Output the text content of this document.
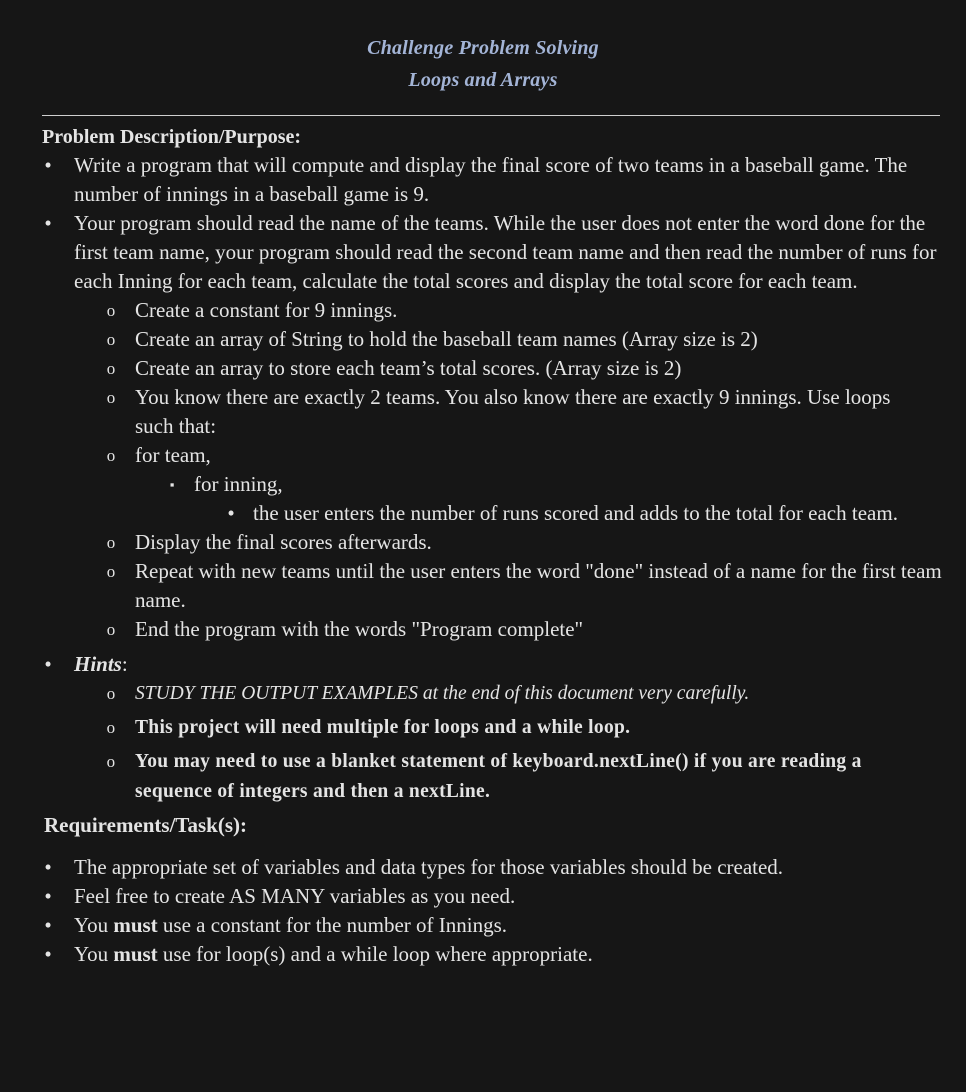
Challenge Problem Solving
Loops and Arrays
Problem Description/Purpose:
• Write a program that will compute and display the final score of two teams in a baseball game. The number of innings in a baseball game is 9.
• Your program should read the name of the teams. While the user does not enter the word done for the first team name, your program should read the second team name and then read the number of runs for each Inning for each team, calculate the total scores and display the total score for each team.
o Create a constant for 9 innings.
o Create an array of String to hold the baseball team names (Array size is 2)
o Create an array to store each team’s total scores. (Array size is 2)
o You know there are exactly 2 teams. You also know there are exactly 9 innings. Use loops such that:
o for team,
▪ for inning,
• the user enters the number of runs scored and adds to the total for each team.
o Display the final scores afterwards.
o Repeat with new teams until the user enters the word "done" instead of a name for the first team name.
o End the program with the words "Program complete"
• Hints:
o STUDY THE OUTPUT EXAMPLES at the end of this document very carefully.
o This project will need multiple for loops and a while loop.
o You may need to use a blanket statement of keyboard.nextLine() if you are reading a sequence of integers and then a nextLine.
Requirements/Task(s):
• The appropriate set of variables and data types for those variables should be created.
• Feel free to create AS MANY variables as you need.
• You must use a constant for the number of Innings.
• You must use for loop(s) and a while loop where appropriate.
